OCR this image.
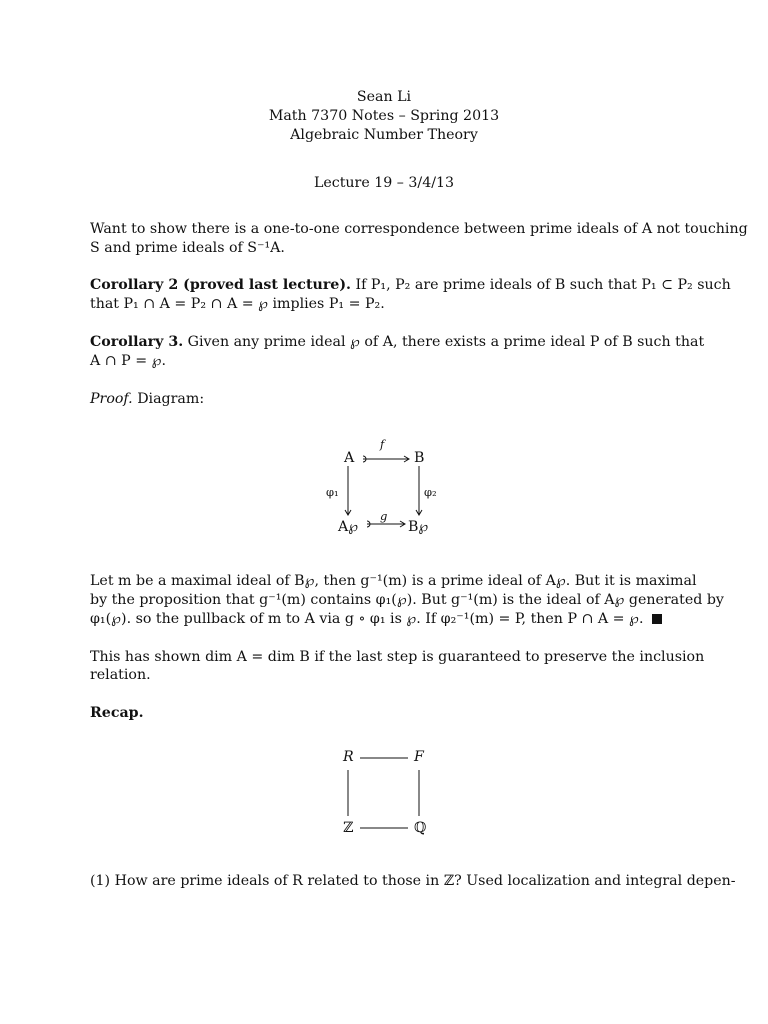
Sean Li
Math 7370 Notes – Spring 2013
Algebraic Number Theory
Lecture 19 – 3/4/13
Want to show there is a one-to-one correspondence between prime ideals of A not touching
S and prime ideals of S⁻¹A.
Corollary 2 (proved last lecture). If P₁, P₂ are prime ideals of B such that P₁ ⊂ P₂ such
that P₁ ∩ A = P₂ ∩ A = ℘ implies P₁ = P₂.
Corollary 3. Given any prime ideal ℘ of A, there exists a prime ideal P of B such that
A ∩ P = ℘.
Proof. Diagram:
A	B
f
φ₁	φ₂
g
A℘	B℘
Let m be a maximal ideal of B℘, then g⁻¹(m) is a prime ideal of A℘. But it is maximal
by the proposition that g⁻¹(m) contains φ₁(℘). But g⁻¹(m) is the ideal of A℘ generated by
φ₁(℘). so the pullback of m to A via g ∘ φ₁ is ℘. If φ₂⁻¹(m) = P, then P ∩ A = ℘.
This has shown dim A = dim B if the last step is guaranteed to preserve the inclusion
relation.
Recap.
R	F
ℤ	ℚ
(1) How are prime ideals of R related to those in ℤ? Used localization and integral depen-
